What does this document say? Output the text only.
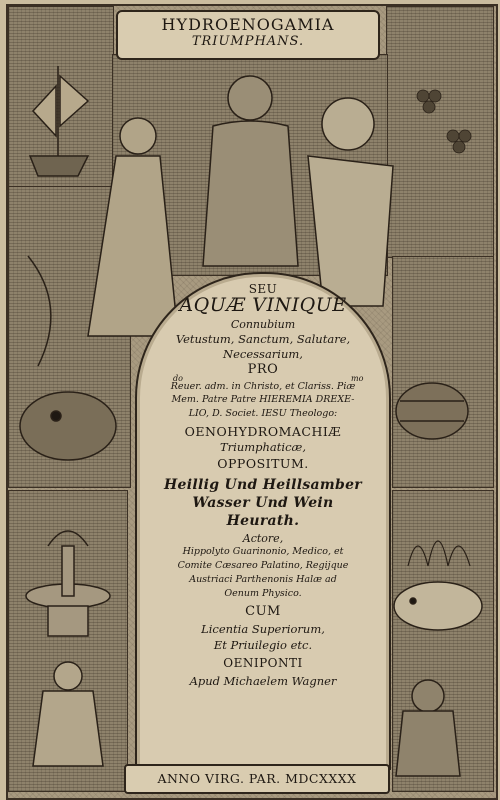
HYDROENOGAMIA
TRIUMPHANS.
SEU
AQUÆ VINIQUE
Connubium
Vetustum, Sanctum, Salutare,
Necessarium,
PRO
do	mo
Reuer. adm. in Christo, et Clariss. Piæ
Mem. Patre Patre HIEREMIA DREXE-
LIO, D. Societ. IESU Theologo:
OENOHYDROMACHIÆ
Triumphaticæ,
OPPOSITUM.
Heillig Und Heillsamber
Wasser Und Wein
Heurath.
Actore,
Hippolyto Guarinonio, Medico, et
Comite Cæsareo Palatino, Regijque
Austriaci Parthenonis Halæ ad
Oenum Physico.
CUM
Licentia Superiorum,
Et Priuilegio etc.
OENIPONTI
Apud Michaelem Wagner
ANNO VIRG. PAR. MDCXXXX
